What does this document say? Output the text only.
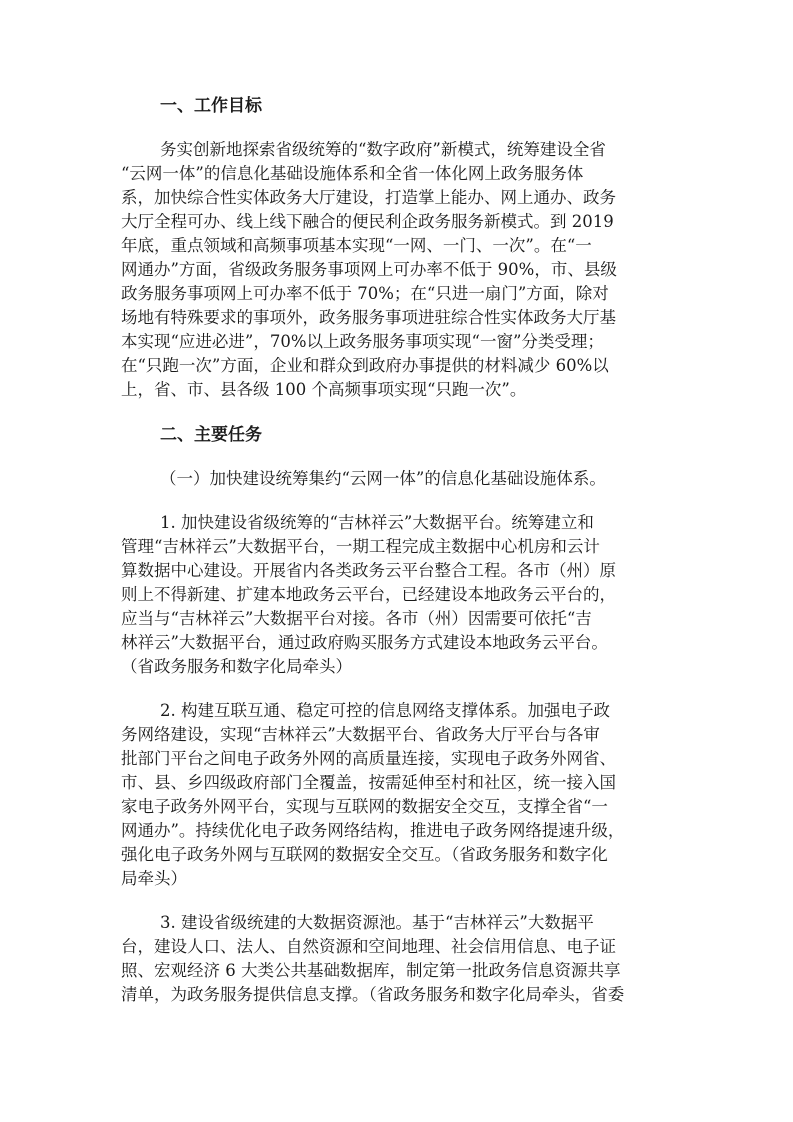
一、工作目标
务实创新地探索省级统筹的“数字政府”新模式，统筹建设全省
“云网一体”的信息化基础设施体系和全省一体化网上政务服务体
系，加快综合性实体政务大厅建设，打造掌上能办、网上通办、政务
大厅全程可办、线上线下融合的便民利企政务服务新模式。到 2019
年底，重点领域和高频事项基本实现“一网、一门、一次”。在“一
网通办”方面，省级政务服务事项网上可办率不低于 90%，市、县级
政务服务事项网上可办率不低于 70%；在“只进一扇门”方面，除对
场地有特殊要求的事项外，政务服务事项进驻综合性实体政务大厅基
本实现“应进必进”，70%以上政务服务事项实现“一窗”分类受理；
在“只跑一次”方面，企业和群众到政府办事提供的材料减少 60%以
上，省、市、县各级 100 个高频事项实现“只跑一次”。
二、主要任务
（一）加快建设统筹集约“云网一体”的信息化基础设施体系。
1. 加快建设省级统筹的“吉林祥云”大数据平台。统筹建立和
管理“吉林祥云”大数据平台，一期工程完成主数据中心机房和云计
算数据中心建设。开展省内各类政务云平台整合工程。各市（州）原
则上不得新建、扩建本地政务云平台，已经建设本地政务云平台的，
应当与“吉林祥云”大数据平台对接。各市（州）因需要可依托“吉
林祥云”大数据平台，通过政府购买服务方式建设本地政务云平台。
（省政务服务和数字化局牵头）
2. 构建互联互通、稳定可控的信息网络支撑体系。加强电子政
务网络建设，实现“吉林祥云”大数据平台、省政务大厅平台与各审
批部门平台之间电子政务外网的高质量连接，实现电子政务外网省、
市、县、乡四级政府部门全覆盖，按需延伸至村和社区，统一接入国
家电子政务外网平台，实现与互联网的数据安全交互，支撑全省“一
网通办”。持续优化电子政务网络结构，推进电子政务网络提速升级，
强化电子政务外网与互联网的数据安全交互。（省政务服务和数字化
局牵头）
3. 建设省级统建的大数据资源池。基于“吉林祥云”大数据平
台，建设人口、法人、自然资源和空间地理、社会信用信息、电子证
照、宏观经济 6 大类公共基础数据库，制定第一批政务信息资源共享
清单，为政务服务提供信息支撑。（省政务服务和数字化局牵头，省委
